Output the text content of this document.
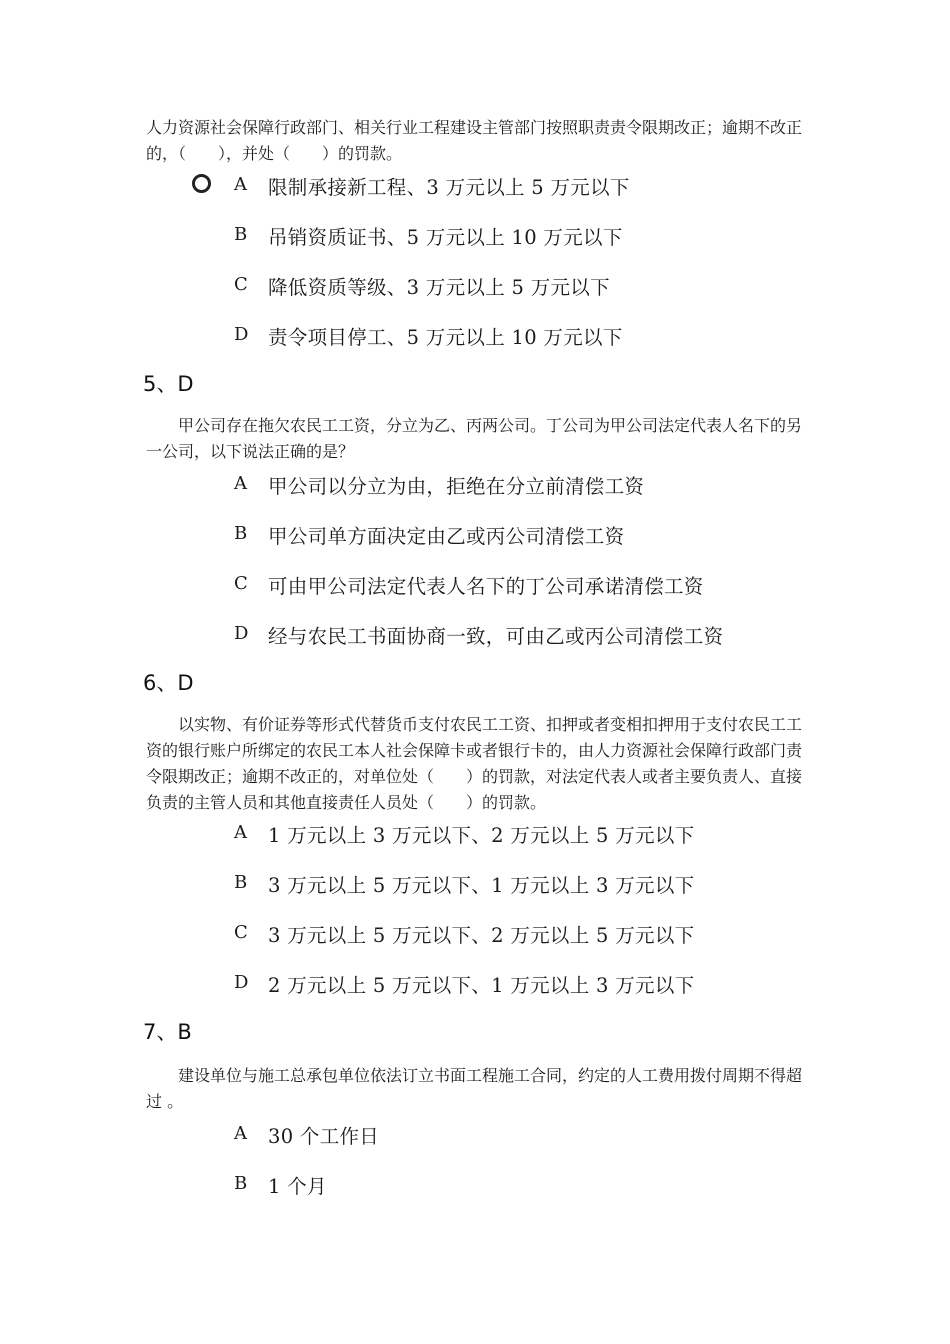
人力资源社会保障行政部门、相关行业工程建设主管部门按照职责责令限期改正；逾期不改正
的，（　　），并处（　　）的罚款。
A 限制承接新工程、3 万元以上 5 万元以下
B 吊销资质证书、5 万元以上 10 万元以下
C 降低资质等级、3 万元以上 5 万元以下
D 责令项目停工、5 万元以上 10 万元以下
5、D
甲公司存在拖欠农民工工资，分立为乙、丙两公司。丁公司为甲公司法定代表人名下的另
一公司，以下说法正确的是？
A 甲公司以分立为由，拒绝在分立前清偿工资
B 甲公司单方面决定由乙或丙公司清偿工资
C 可由甲公司法定代表人名下的丁公司承诺清偿工资
D 经与农民工书面协商一致，可由乙或丙公司清偿工资
6、D
以实物、有价证券等形式代替货币支付农民工工资、扣押或者变相扣押用于支付农民工工
资的银行账户所绑定的农民工本人社会保障卡或者银行卡的，由人力资源社会保障行政部门责
令限期改正；逾期不改正的，对单位处（　　）的罚款，对法定代表人或者主要负责人、直接
负责的主管人员和其他直接责任人员处（　　）的罚款。
A 1 万元以上 3 万元以下、2 万元以上 5 万元以下
B 3 万元以上 5 万元以下、1 万元以上 3 万元以下
C 3 万元以上 5 万元以下、2 万元以上 5 万元以下
D 2 万元以上 5 万元以下、1 万元以上 3 万元以下
7、B
建设单位与施工总承包单位依法订立书面工程施工合同，约定的人工费用拨付周期不得超
过 。
A 30 个工作日
B 1 个月
